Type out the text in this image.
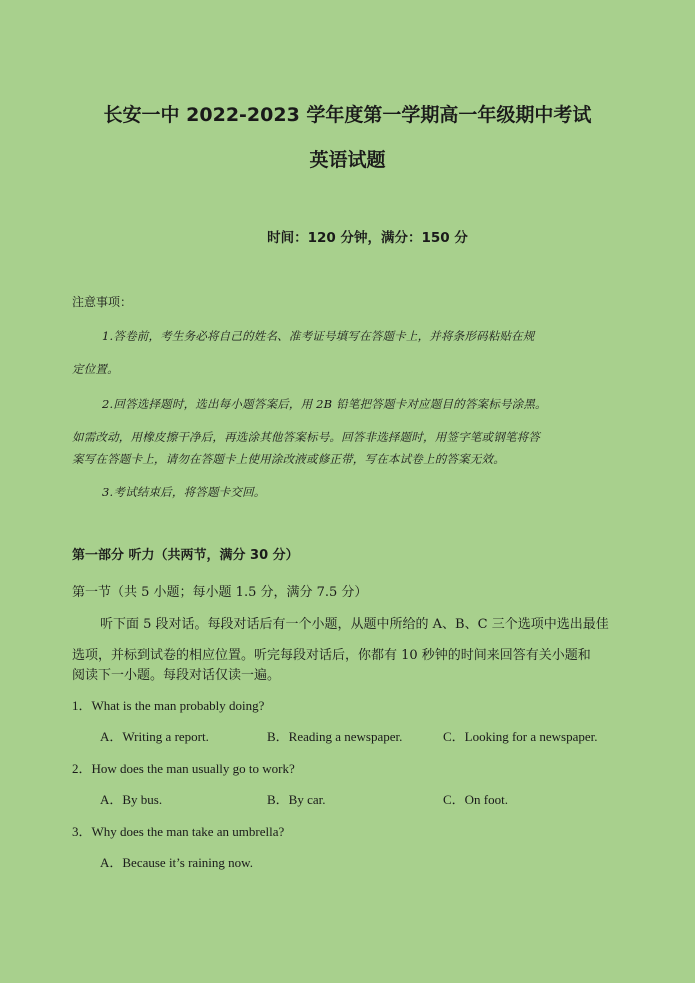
长安一中 2022-2023 学年度第一学期高一年级期中考试
英语试题
时间：120 分钟，满分：150 分
注意事项：
1.答卷前，考生务必将自己的姓名、准考证号填写在答题卡上，并将条形码粘贴在规
定位置。
2.回答选择题时，选出每小题答案后，用 2B 铅笔把答题卡对应题目的答案标号涂黑。
如需改动，用橡皮擦干净后，再选涂其他答案标号。回答非选择题时，用签字笔或钢笔将答
案写在答题卡上，请勿在答题卡上使用涂改液或修正带，写在本试卷上的答案无效。
3.考试结束后，将答题卡交回。
第一部分 听力（共两节，满分 30 分）
第一节（共 5 小题；每小题 1.5 分，满分 7.5 分）
听下面 5 段对话。每段对话后有一个小题，从题中所给的 A、B、C 三个选项中选出最佳
选项，并标到试卷的相应位置。听完每段对话后，你都有 10 秒钟的时间来回答有关小题和
阅读下一小题。每段对话仅读一遍。
1．What is the man probably doing?
A．Writing a report.	B．Reading a newspaper.	C．Looking for a newspaper.
2．How does the man usually go to work?
A．By bus.	B．By car.	C．On foot.
3．Why does the man take an umbrella?
A．Because it’s raining now.
